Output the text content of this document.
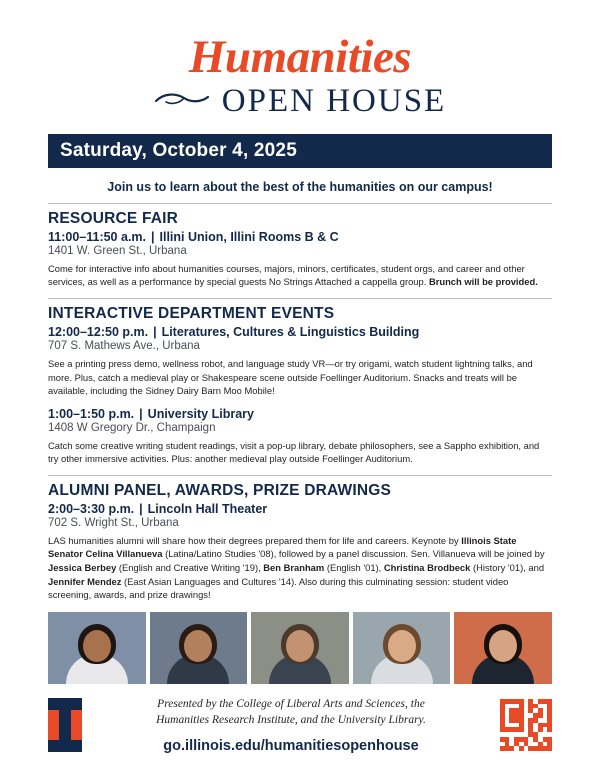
Humanities
OPEN HOUSE
Saturday, October 4, 2025
Join us to learn about the best of the humanities on our campus!
RESOURCE FAIR
11:00–11:50 a.m. | Illini Union, Illini Rooms B & C
1401 W. Green St., Urbana
Come for interactive info about humanities courses, majors, minors, certificates, student orgs, and career and other services, as well as a performance by special guests No Strings Attached a cappella group. Brunch will be provided.
INTERACTIVE DEPARTMENT EVENTS
12:00–12:50 p.m. | Literatures, Cultures & Linguistics Building
707 S. Mathews Ave., Urbana
See a printing press demo, wellness robot, and language study VR—or try origami, watch student lightning talks, and more. Plus, catch a medieval play or Shakespeare scene outside Foellinger Auditorium. Snacks and treats will be available, including the Sidney Dairy Barn Moo Mobile!
1:00–1:50 p.m. | University Library
1408 W Gregory Dr., Champaign
Catch some creative writing student readings, visit a pop-up library, debate philosophers, see a Sappho exhibition, and try other immersive activities. Plus: another medieval play outside Foellinger Auditorium.
ALUMNI PANEL, AWARDS, PRIZE DRAWINGS
2:00–3:30 p.m. | Lincoln Hall Theater
702 S. Wright St., Urbana
LAS humanities alumni will share how their degrees prepared them for life and careers. Keynote by Illinois State Senator Celina Villanueva (Latina/Latino Studies '08), followed by a panel discussion. Sen. Villanueva will be joined by Jessica Berbey (English and Creative Writing '19), Ben Branham (English '01), Christina Brodbeck (History '01), and Jennifer Mendez (East Asian Languages and Cultures '14). Also during this culminating session: student video screening, awards, and prize drawings!
Presented by the College of Liberal Arts and Sciences, the
Humanities Research Institute, and the University Library.
go.illinois.edu/humanitiesopenhouse
